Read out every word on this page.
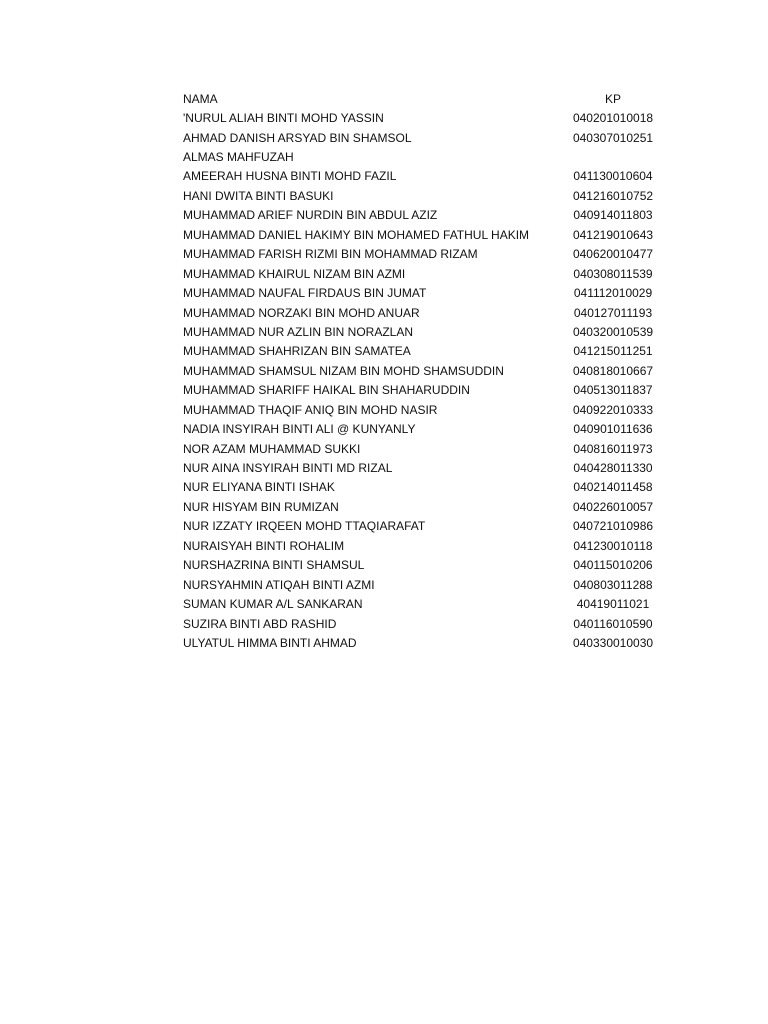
NAMA	KP
'NURUL ALIAH BINTI MOHD YASSIN	040201010018
AHMAD DANISH ARSYAD BIN SHAMSOL	040307010251
ALMAS MAHFUZAH
AMEERAH HUSNA BINTI MOHD FAZIL	041130010604
HANI DWITA BINTI BASUKI	041216010752
MUHAMMAD ARIEF NURDIN BIN ABDUL AZIZ	040914011803
MUHAMMAD DANIEL HAKIMY BIN MOHAMED FATHUL HAKIM	041219010643
MUHAMMAD FARISH RIZMI BIN MOHAMMAD RIZAM	040620010477
MUHAMMAD KHAIRUL NIZAM BIN AZMI	040308011539
MUHAMMAD NAUFAL FIRDAUS BIN JUMAT	041112010029
MUHAMMAD NORZAKI BIN MOHD ANUAR	040127011193
MUHAMMAD NUR AZLIN BIN NORAZLAN	040320010539
MUHAMMAD SHAHRIZAN BIN SAMATEA	041215011251
MUHAMMAD SHAMSUL NIZAM BIN MOHD SHAMSUDDIN	040818010667
MUHAMMAD SHARIFF HAIKAL BIN SHAHARUDDIN	040513011837
MUHAMMAD THAQIF ANIQ BIN MOHD NASIR	040922010333
NADIA INSYIRAH BINTI ALI @ KUNYANLY	040901011636
NOR AZAM MUHAMMAD SUKKI	040816011973
NUR AINA INSYIRAH BINTI MD RIZAL	040428011330
NUR ELIYANA BINTI ISHAK	040214011458
NUR HISYAM BIN RUMIZAN	040226010057
NUR IZZATY IRQEEN MOHD TTAQIARAFAT	040721010986
NURAISYAH BINTI ROHALIM	041230010118
NURSHAZRINA BINTI SHAMSUL	040115010206
NURSYAHMIN ATIQAH BINTI AZMI	040803011288
SUMAN KUMAR A/L SANKARAN	40419011021
SUZIRA BINTI ABD RASHID	040116010590
ULYATUL HIMMA BINTI AHMAD	040330010030
